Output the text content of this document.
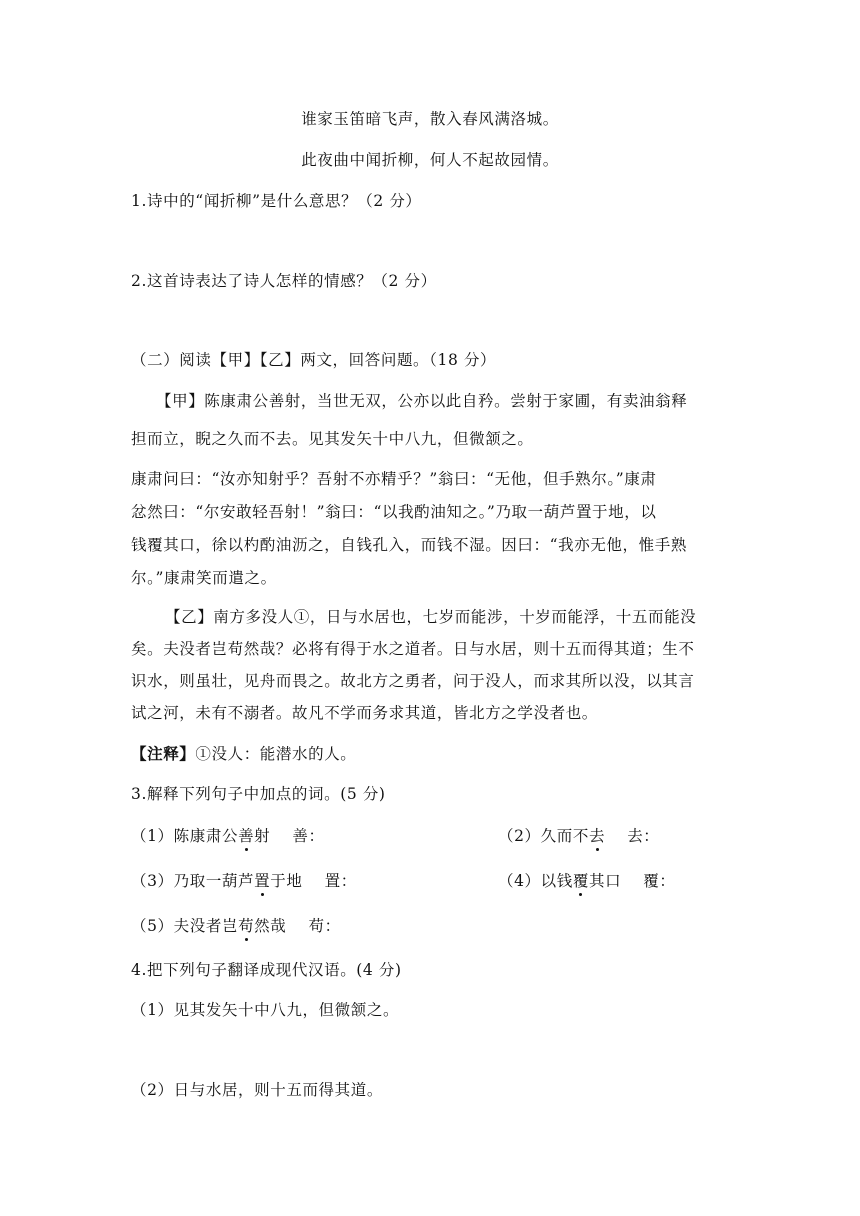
谁家玉笛暗飞声，散入春风满洛城。
此夜曲中闻折柳，何人不起故园情。
1.诗中的“闻折柳”是什么意思？（2 分）
2.这首诗表达了诗人怎样的情感？（2 分）
（二）阅读【甲】【乙】两文，回答问题。（18 分）
【甲】陈康肃公善射，当世无双，公亦以此自矜。尝射于家圃，有卖油翁释
担而立，睨之久而不去。见其发矢十中八九，但微颔之。
康肃问曰：“汝亦知射乎？吾射不亦精乎？”翁曰：“无他，但手熟尔。”康肃
忿然曰：“尔安敢轻吾射！”翁曰：“以我酌油知之。”乃取一葫芦置于地，以
钱覆其口，徐以杓酌油沥之，自钱孔入，而钱不湿。因曰：“我亦无他，惟手熟
尔。”康肃笑而遣之。
【乙】南方多没人①，日与水居也，七岁而能涉，十岁而能浮，十五而能没
矣。夫没者岂苟然哉？必将有得于水之道者。日与水居，则十五而得其道；生不
识水，则虽壮，见舟而畏之。故北方之勇者，问于没人，而求其所以没，以其言
试之河，未有不溺者。故凡不学而务求其道，皆北方之学没者也。
【注释】①没人：能潜水的人。
3.解释下列句子中加点的词。(5 分)
（1）陈康肃公善射 善：	（2）久而不去 去：
（3）乃取一葫芦置于地 置：	（4）以钱覆其口 覆：
（5）夫没者岂苟然哉 苟：
4.把下列句子翻译成现代汉语。(4 分)
（1）见其发矢十中八九，但微颔之。
（2）日与水居，则十五而得其道。
